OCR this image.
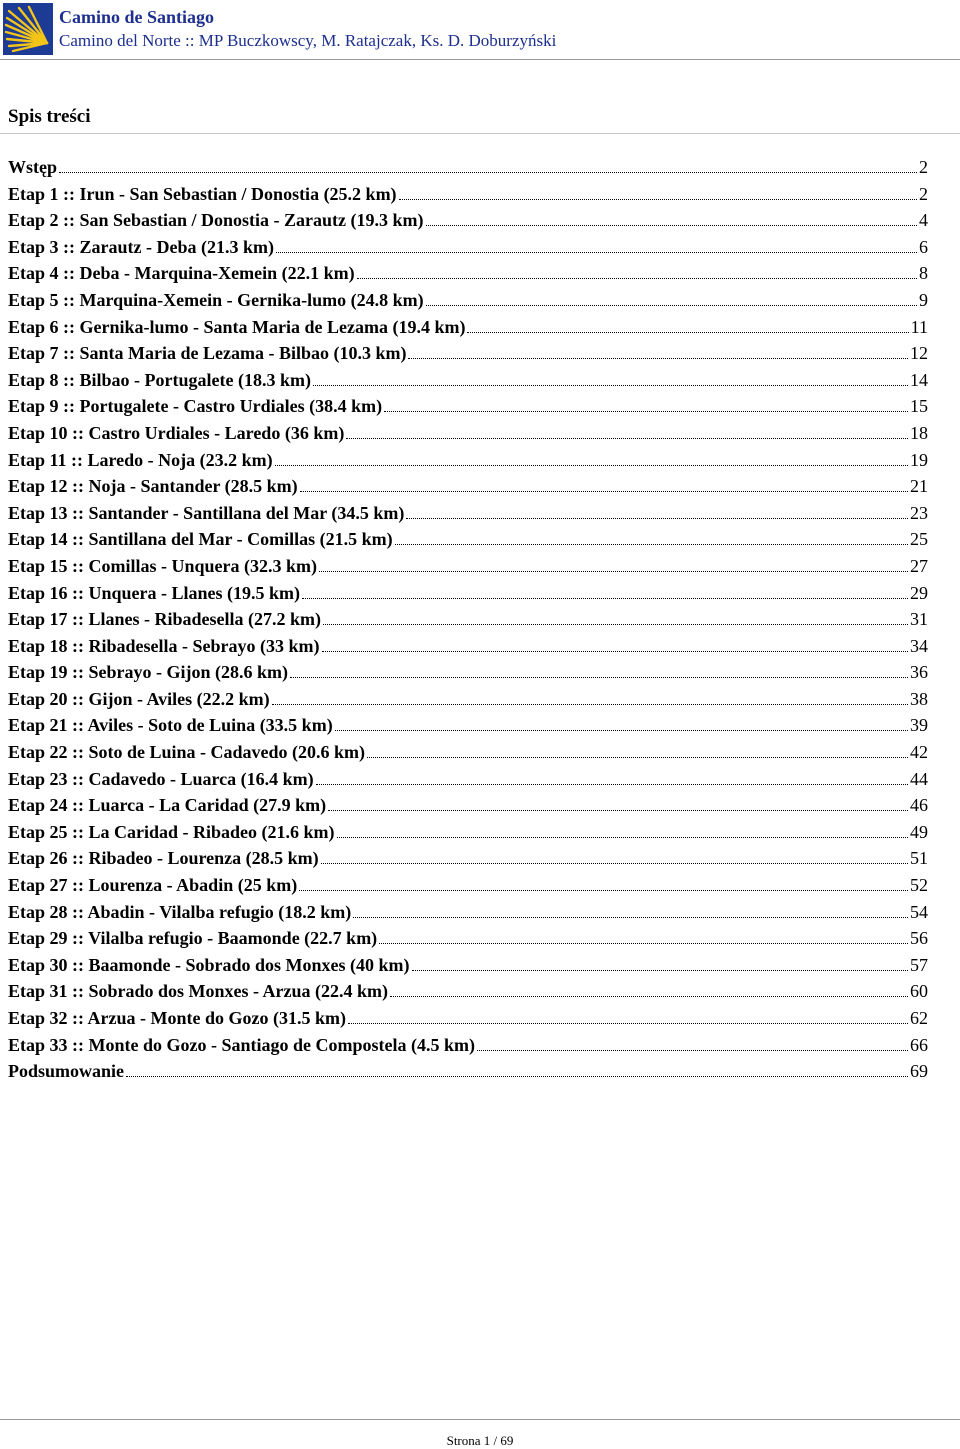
Camino de Santiago
Camino del Norte :: MP Buczkowscy, M. Ratajczak, Ks. D. Doburzyński
Spis treści
Wstęp	2
Etap 1 :: Irun - San Sebastian / Donostia (25.2 km)	2
Etap 2 :: San Sebastian / Donostia - Zarautz (19.3 km)	4
Etap 3 :: Zarautz - Deba (21.3 km)	6
Etap 4 :: Deba - Marquina-Xemein (22.1 km)	8
Etap 5 :: Marquina-Xemein - Gernika-lumo (24.8 km)	9
Etap 6 :: Gernika-lumo - Santa Maria de Lezama (19.4 km)	11
Etap 7 :: Santa Maria de Lezama - Bilbao (10.3 km)	12
Etap 8 :: Bilbao - Portugalete (18.3 km)	14
Etap 9 :: Portugalete - Castro Urdiales (38.4 km)	15
Etap 10 :: Castro Urdiales - Laredo (36 km)	18
Etap 11 :: Laredo - Noja (23.2 km)	19
Etap 12 :: Noja - Santander (28.5 km)	21
Etap 13 :: Santander - Santillana del Mar (34.5 km)	23
Etap 14 :: Santillana del Mar - Comillas (21.5 km)	25
Etap 15 :: Comillas - Unquera (32.3 km)	27
Etap 16 :: Unquera - Llanes (19.5 km)	29
Etap 17 :: Llanes - Ribadesella (27.2 km)	31
Etap 18 :: Ribadesella - Sebrayo (33 km)	34
Etap 19 :: Sebrayo - Gijon (28.6 km)	36
Etap 20 :: Gijon - Aviles (22.2 km)	38
Etap 21 :: Aviles - Soto de Luina (33.5 km)	39
Etap 22 :: Soto de Luina - Cadavedo (20.6 km)	42
Etap 23 :: Cadavedo - Luarca (16.4 km)	44
Etap 24 :: Luarca - La Caridad (27.9 km)	46
Etap 25 :: La Caridad - Ribadeo (21.6 km)	49
Etap 26 :: Ribadeo - Lourenza (28.5 km)	51
Etap 27 :: Lourenza - Abadin (25 km)	52
Etap 28 :: Abadin - Vilalba refugio (18.2 km)	54
Etap 29 :: Vilalba refugio - Baamonde (22.7 km)	56
Etap 30 :: Baamonde - Sobrado dos Monxes (40 km)	57
Etap 31 :: Sobrado dos Monxes - Arzua (22.4 km)	60
Etap 32 :: Arzua - Monte do Gozo (31.5 km)	62
Etap 33 :: Monte do Gozo - Santiago de Compostela (4.5 km)	66
Podsumowanie	69
Strona 1 / 69
